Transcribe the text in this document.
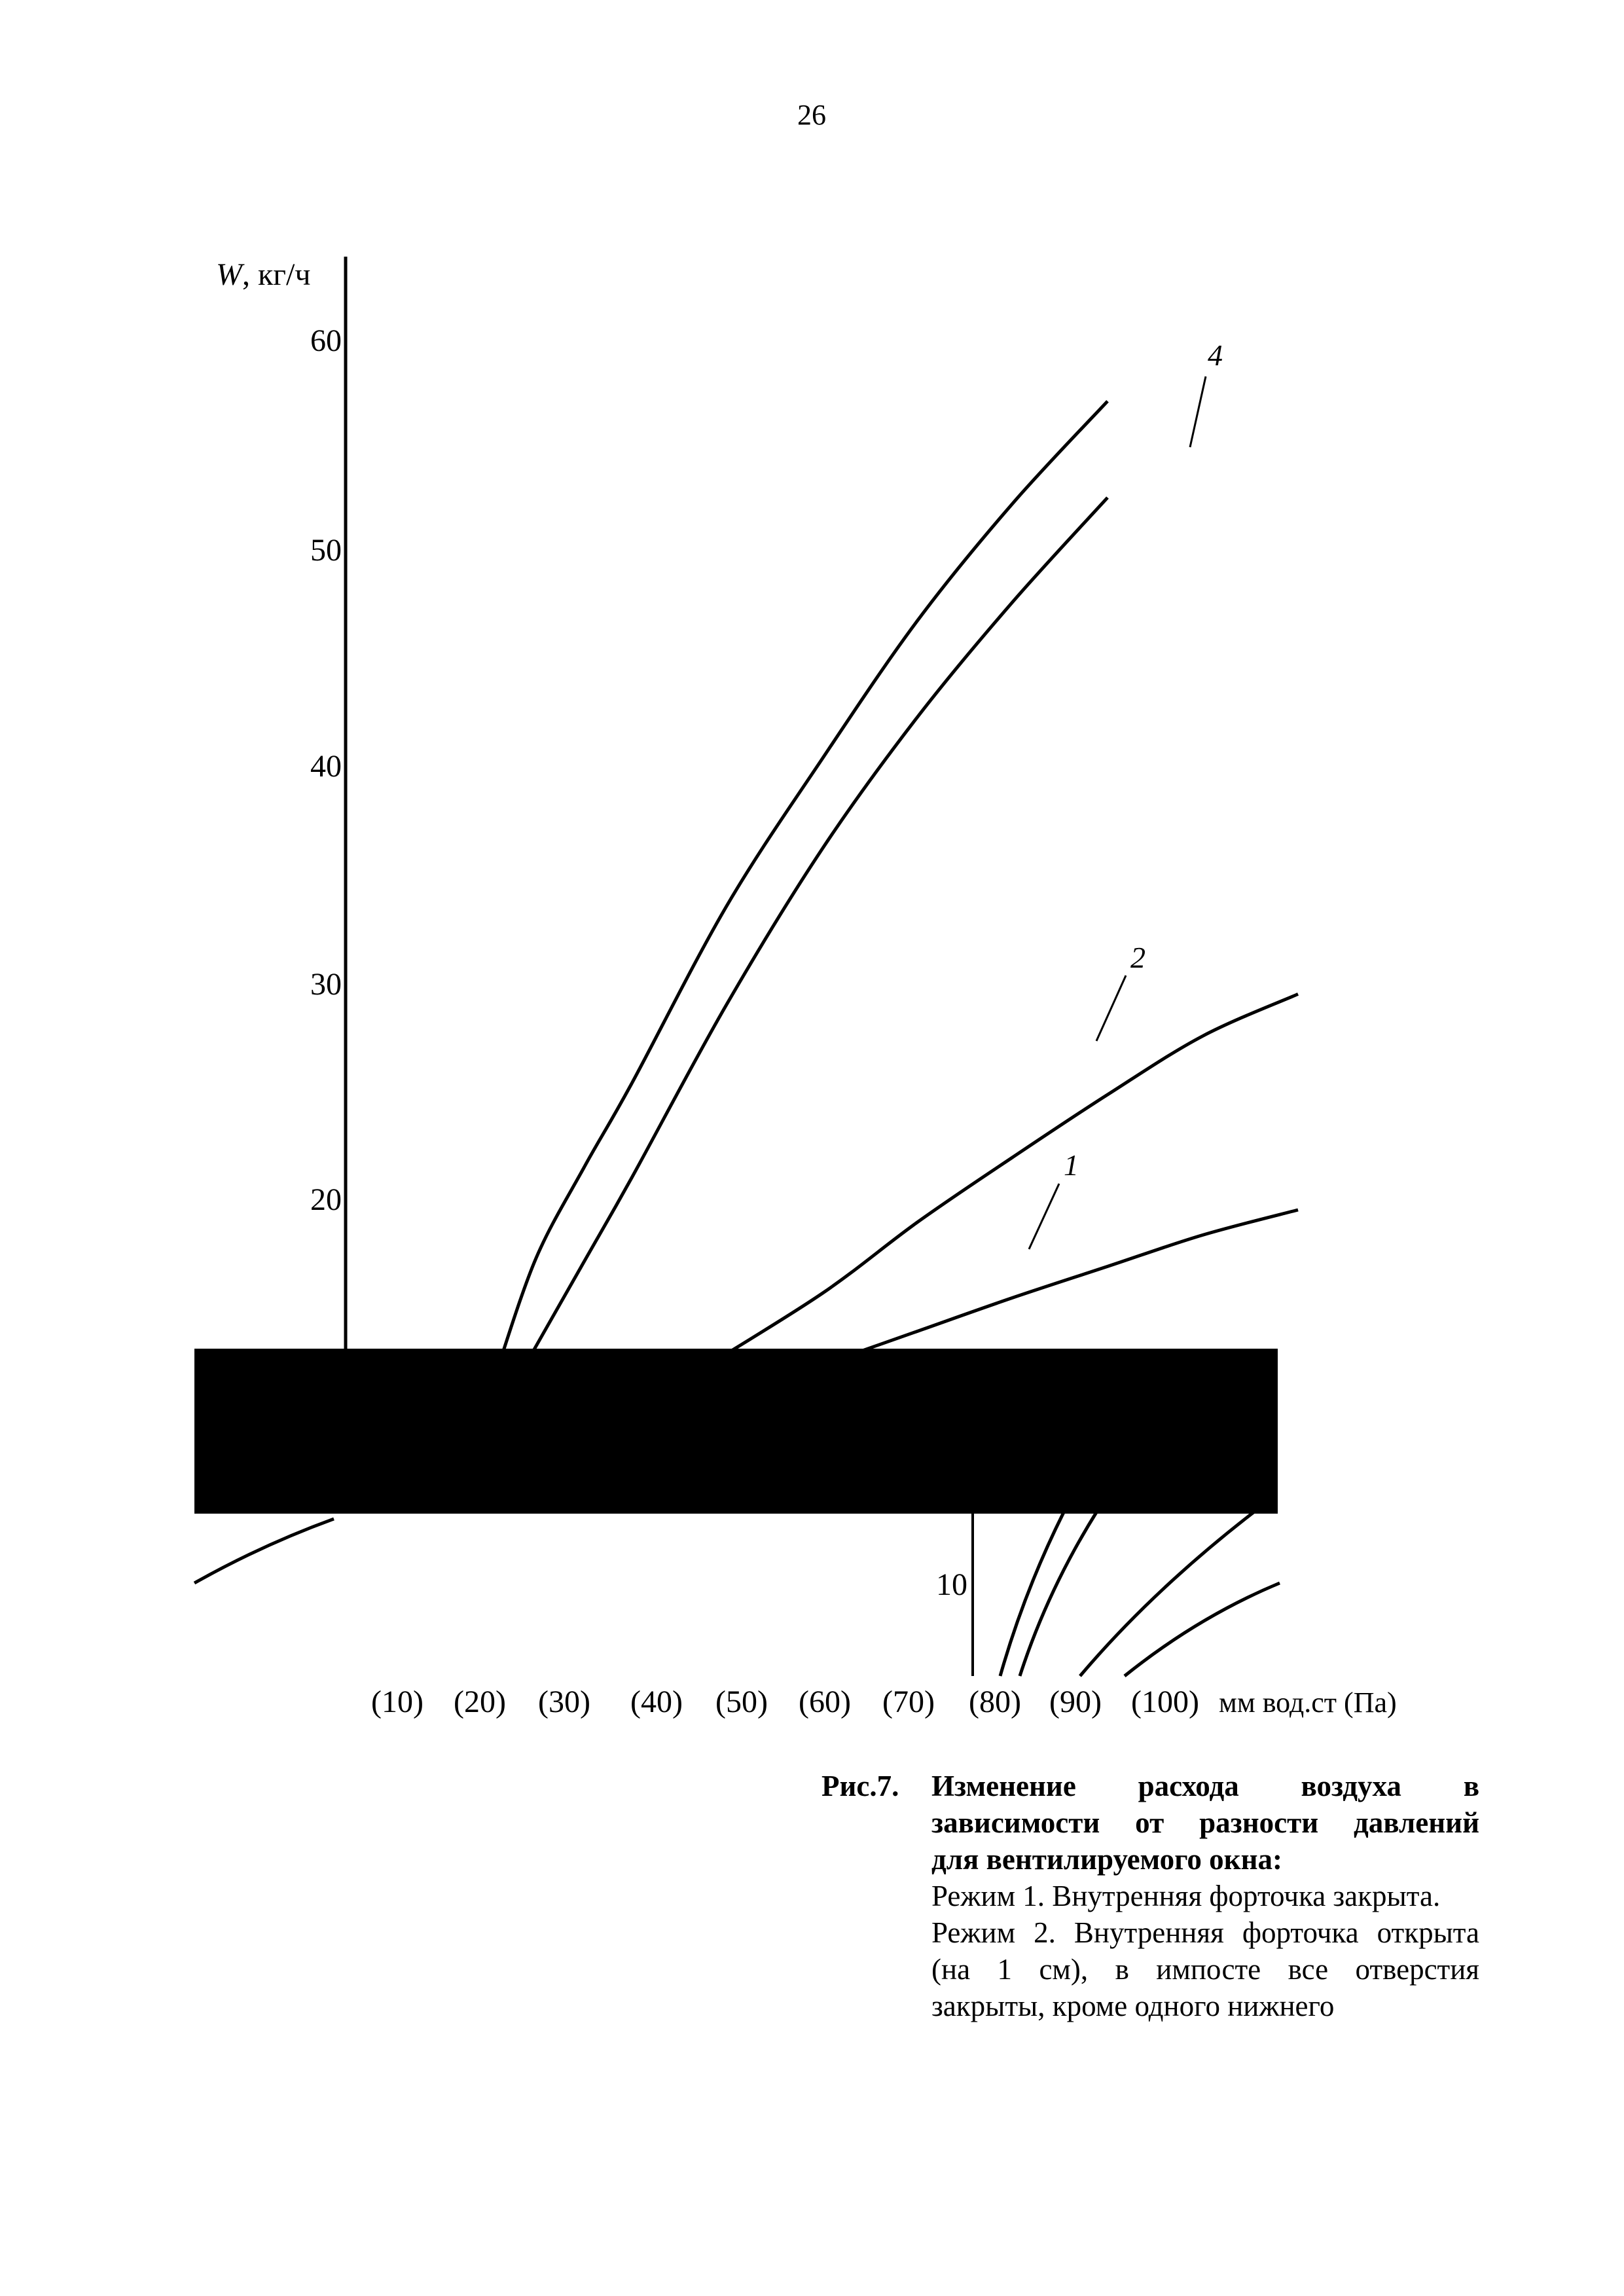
26
60
50
40
30
20
10
W, кг/ч
1
2
4
(10) (20) (30) (40) (50) (60) (70) (80) (90) (100) мм вод.ст (Па)
Рис.7. Изменение расхода воздуха в
зависимости от разности давлений
для вентилируемого окна:
Режим 1. Внутренняя форточка закрыта.
Режим 2. Внутренняя форточка открыта
(на 1 см), в импосте все отверстия
закрыты, кроме одного нижнего
